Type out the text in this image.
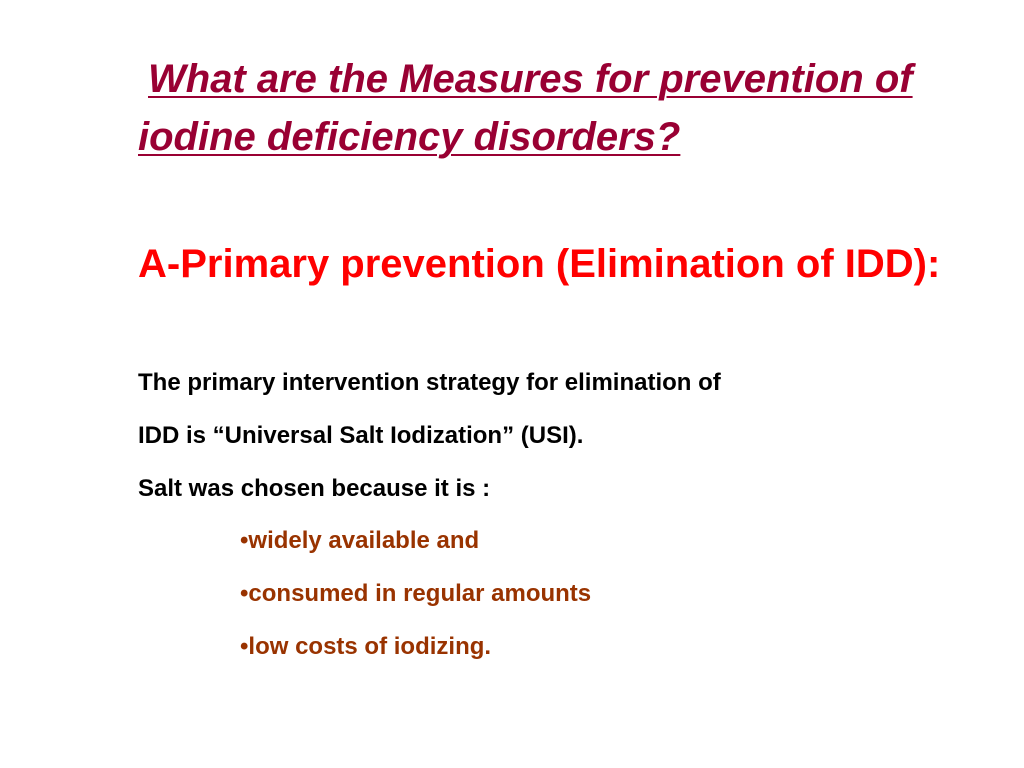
What are the Measures for prevention of iodine deficiency disorders?
A-Primary prevention (Elimination of IDD):

The primary intervention strategy for elimination of

IDD is “Universal Salt Iodization” (USI).

Salt was chosen because it is :

•widely available and
•consumed in regular amounts
•low costs of iodizing.
